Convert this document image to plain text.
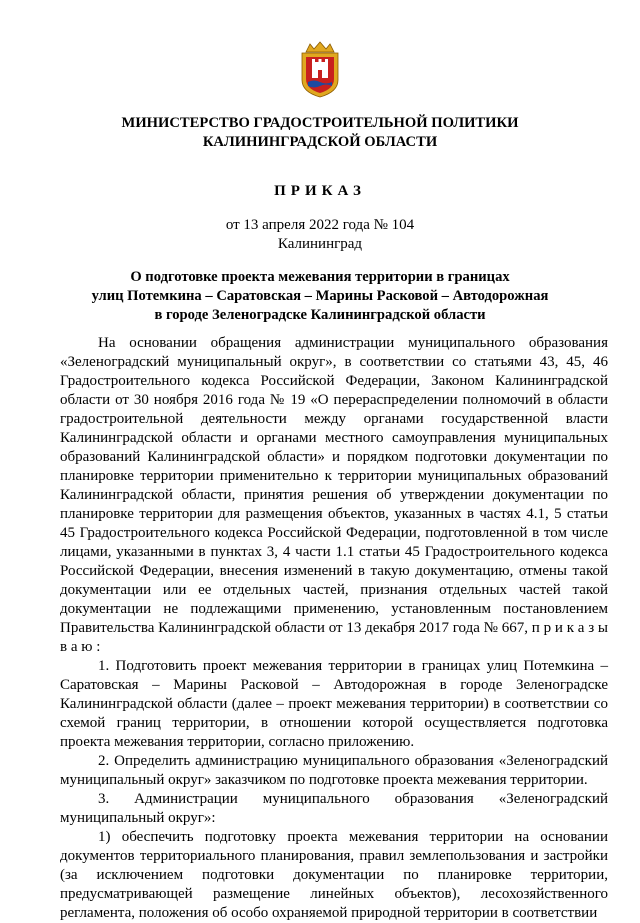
МИНИСТЕРСТВО ГРАДОСТРОИТЕЛЬНОЙ ПОЛИТИКИ
КАЛИНИНГРАДСКОЙ ОБЛАСТИ
ПРИКАЗ
от 13 апреля 2022 года № 104
Калининград
О подготовке проекта межевания территории в границах
улиц Потемкина – Саратовская – Марины Расковой – Автодорожная
в городе Зеленоградске Калининградской области

На основании обращения администрации муниципального образования «Зеленоградский муниципальный округ», в соответствии со статьями 43, 45, 46 Градостроительного кодекса Российской Федерации, Законом Калининградской области от 30 ноября 2016 года № 19 «О перераспределении полномочий в области градостроительной деятельности между органами государственной власти Калининградской области и органами местного самоуправления муниципальных образований Калининградской области» и порядком подготовки документации по планировке территории применительно к территории муниципальных образований Калининградской области, принятия решения об утверждении документации по планировке территории для размещения объектов, указанных в частях 4.1, 5 статьи 45 Градостроительного кодекса Российской Федерации, подготовленной в том числе лицами, указанными в пунктах 3, 4 части 1.1 статьи 45 Градостроительного кодекса Российской Федерации, внесения изменений в такую документацию, отмены такой документации или ее отдельных частей, признания отдельных частей такой документации не подлежащими применению, установленным постановлением Правительства Калининградской области от 13 декабря 2017 года № 667, п р и к а з ы в а ю :

1. Подготовить проект межевания территории в границах улиц Потемкина – Саратовская – Марины Расковой – Автодорожная в городе Зеленоградске Калининградской области (далее – проект межевания территории) в соответствии со схемой границ территории, в отношении которой осуществляется подготовка проекта межевания территории, согласно приложению.

2. Определить администрацию муниципального образования «Зеленоградский муниципальный округ» заказчиком по подготовке проекта межевания территории.

3. Администрации муниципального образования «Зеленоградский муниципальный округ»:

1) обеспечить подготовку проекта межевания территории на основании документов территориального планирования, правил землепользования и застройки (за исключением подготовки документации по планировке территории, предусматривающей размещение линейных объектов), лесохозяйственного регламента, положения об особо охраняемой природной территории в соответствии
